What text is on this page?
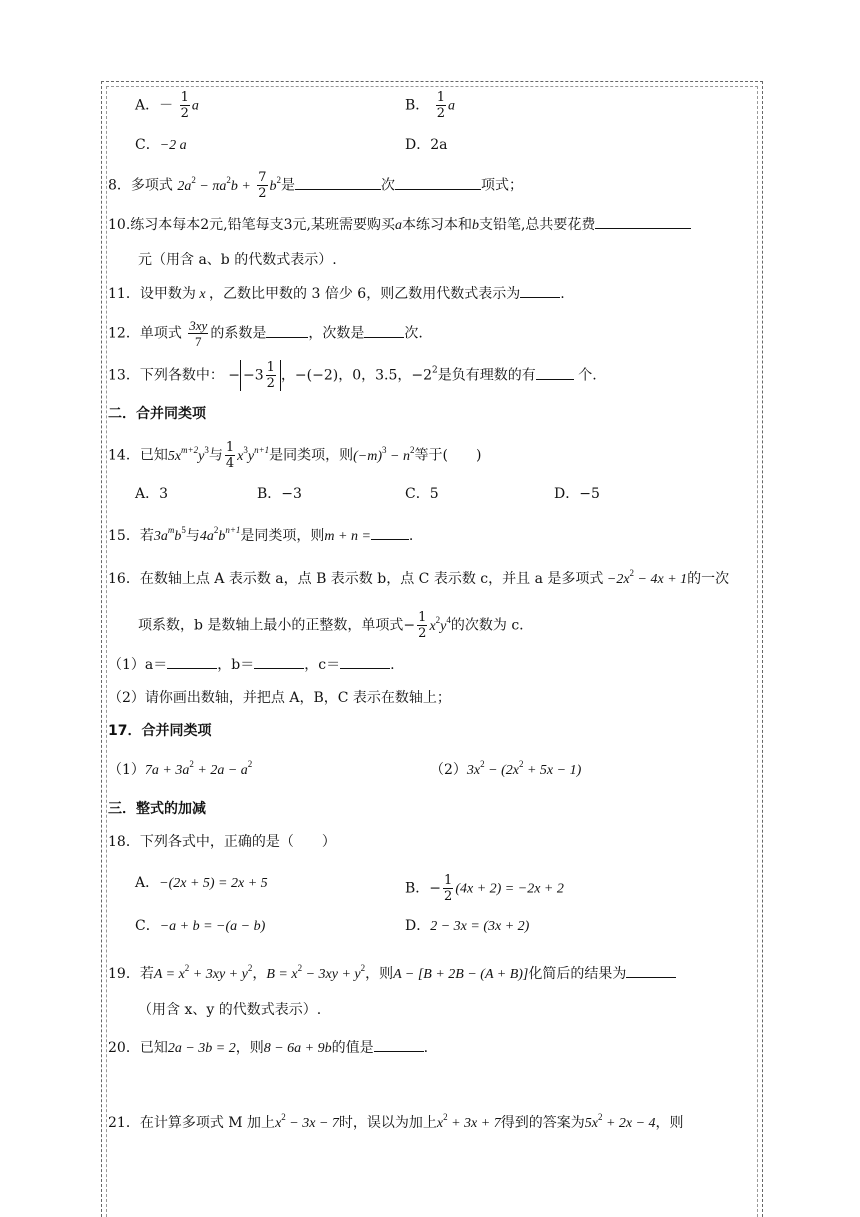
A．－ $\frac{1}{2}$ a	B． $\frac{1}{2}$ a
C．−2 a	D．2a
8．多项式 $2a^2 - \pi a^2b + \frac{7}{2} b^2$是	次	项式；
10.练习本每本2元,铅笔每支3元,某班需要购买a本练习本和b支铅笔,总共要花费
元（用含 a、b 的代数式表示）.
11．设甲数为 x ，乙数比甲数的 3 倍少 6，则乙数用代数式表示为	.
12．单项式 $\frac{3xy}{7}$ 的系数是	，次数是	次.
13．下列各数中： − $-3 \frac{1}{2}$ ，−(−2)，0，3.5，$-2^2$是负有理数的有	个.
二．合并同类项
14．已知$5x^{m+2}y^3$与 $\frac{1}{4} x^3y^{n+1}$是同类项，则$(-m)^3 - n^2$等于(　　)
A．3	B．−3	C．5	D．−5
15．若$3a^mb^5$与$4a^2b^{n+1}$是同类项，则m + n =	.
16．在数轴上点 A 表示数 a，点 B 表示数 b，点 C 表示数 c，并且 a 是多项式 $-2x^2 - 4x + 1$的一次
项系数，b 是数轴上最小的正整数，单项式− $\frac{1}{2} x^2y^4$的次数为 c.
（1）a＝	，b＝	，c＝	.
（2）请你画出数轴，并把点 A，B，C 表示在数轴上；
17．合并同类项
$(1)7a + 3a^2 + 2a - a^2$	$(2)3x^2 - (2x^2 + 5x - 1)$
三．整式的加减
18．下列各式中，正确的是（　　）
A．−(2x + 5) = 2x + 5	B．− $\frac{1}{2} (4x + 2) = -2x + 2$
C．−a + b = −(a − b)	D．2 − 3x = (3x + 2)
19．若$A = x^2 + 3xy + y^2$，$B = x^2 - 3xy + y^2$，则A − [B + 2B − (A + B)]化简后的结果为
（用含 x、y 的代数式表示）.
20．已知2a − 3b = 2，则8 − 6a + 9b的值是	.
21．在计算多项式 M 加上$x^2 - 3x - 7$时，误以为加上$x^2 + 3x + 7$得到的答案为$5x^2 + 2x - 4$，则
